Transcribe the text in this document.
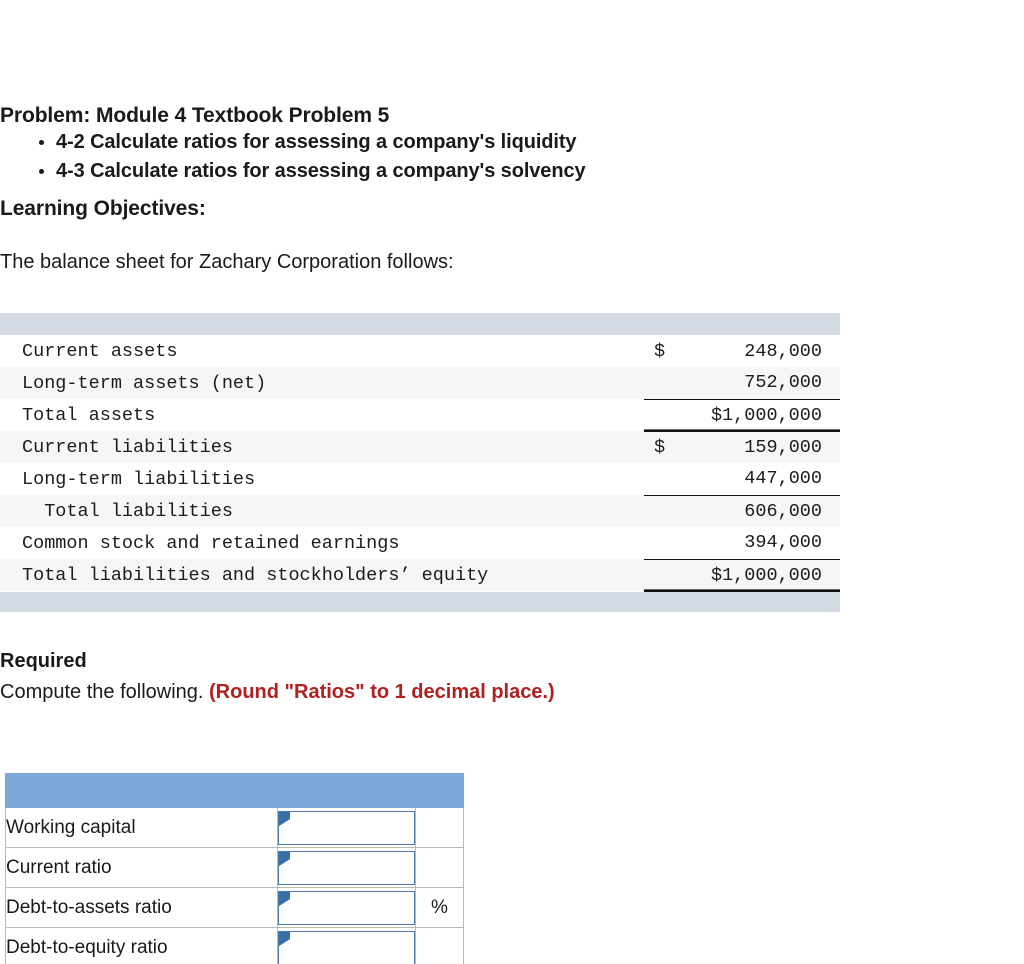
Problem: Module 4 Textbook Problem 5

Learning Objectives:

• 4-2 Calculate ratios for assessing a company's liquidity
• 4-3 Calculate ratios for assessing a company's solvency
The balance sheet for Zachary Corporation follows:
Current assets	$	248,000
Long-term assets (net)		752,000
Total assets		$1,000,000
Current liabilities	$	159,000
Long-term liabilities		447,000
Total liabilities		606,000
Common stock and retained earnings		394,000
Total liabilities and stockholders’ equity		$1,000,000
Required
Compute the following. (Round "Ratios" to 1 decimal place.)

Working capital	

Current ratio	

Debt-to-assets ratio		%
Debt-to-equity ratio	
